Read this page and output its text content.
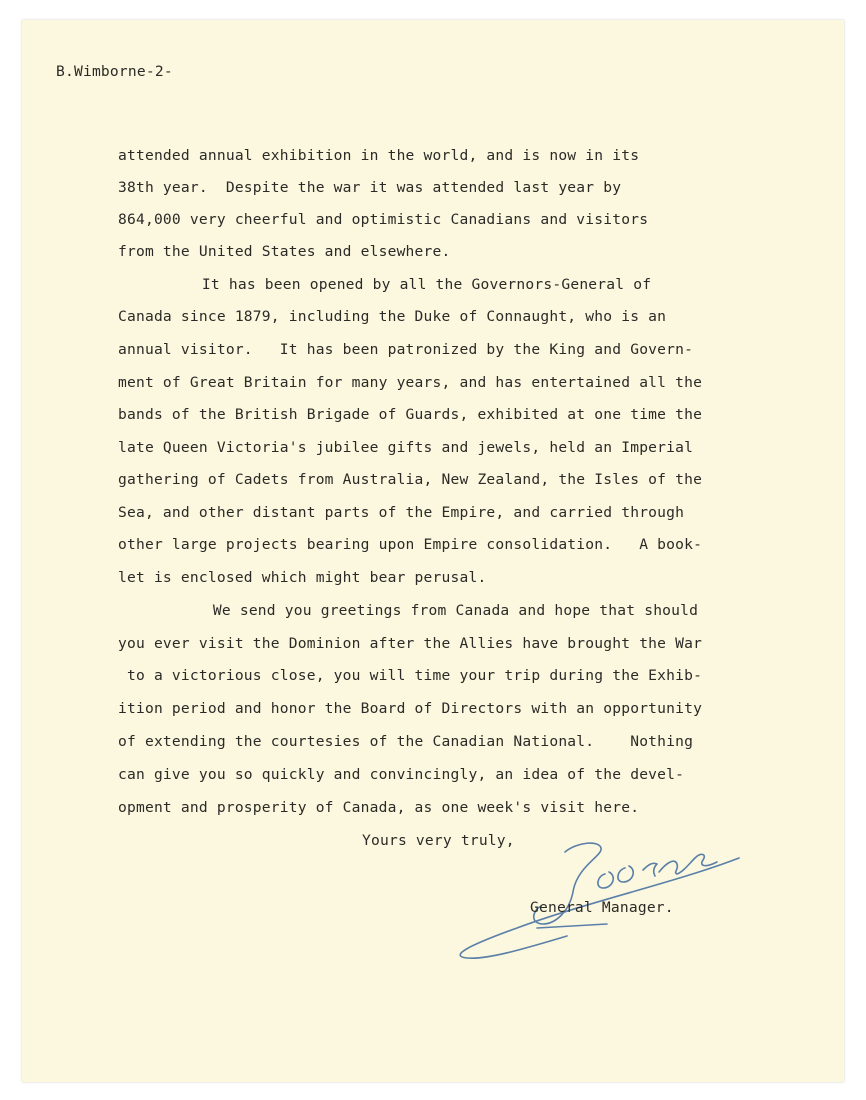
B.Wimborne-2-
attended annual exhibition in the world, and is now in its
38th year.  Despite the war it was attended last year by
864,000 very cheerful and optimistic Canadians and visitors
from the United States and elsewhere.
It has been opened by all the Governors-General of
Canada since 1879, including the Duke of Connaught, who is an
annual visitor.   It has been patronized by the King and Govern-
ment of Great Britain for many years, and has entertained all the
bands of the British Brigade of Guards, exhibited at one time the
late Queen Victoria's jubilee gifts and jewels, held an Imperial
gathering of Cadets from Australia, New Zealand, the Isles of the
Sea, and other distant parts of the Empire, and carried through
other large projects bearing upon Empire consolidation.   A book-
let is enclosed which might bear perusal.
We send you greetings from Canada and hope that should
you ever visit the Dominion after the Allies have brought the War
to a victorious close, you will time your trip during the Exhib-
ition period and honor the Board of Directors with an opportunity
of extending the courtesies of the Canadian National.    Nothing
can give you so quickly and convincingly, an idea of the devel-
opment and prosperity of Canada, as one week's visit here.
Yours very truly,
General Manager.
